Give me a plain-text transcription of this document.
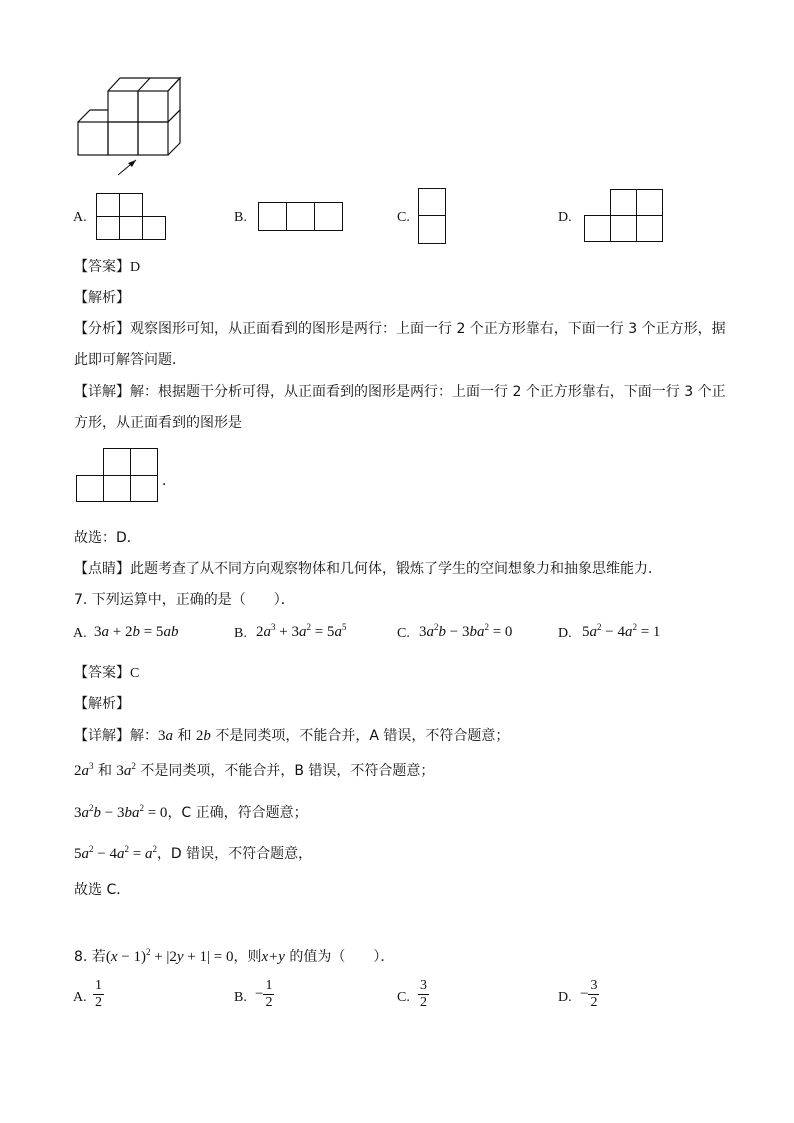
A.	B.	C.	D.
【答案】D
【解析】
【分析】观察图形可知，从正面看到的图形是两行：上面一行 2 个正方形靠右，下面一行 3 个正方形，据
此即可解答问题．
【详解】解：根据题干分析可得，从正面看到的图形是两行：上面一行 2 个正方形靠右，下面一行 3 个正
方形，从正面看到的图形是
．
故选：D．
【点睛】此题考查了从不同方向观察物体和几何体，锻炼了学生的空间想象力和抽象思维能力．
7. 下列运算中，正确的是（　　）．
A. 3a + 2b = 5ab	B. $2a^3 + 3a^2 = 5a^5$	C. $3a^2b - 3ba^2 = 0$	D. $5a^2 - 4a^2 = 1$
【答案】C
【解析】
【详解】解：3a 和 2b 不是同类项，不能合并，A 错误，不符合题意；
$2a^3$ 和 $3a^2$ 不是同类项，不能合并，B 错误，不符合题意；
$3a^2b - 3ba^2 = 0$，C 正确，符合题意；
$5a^2 - 4a^2 = a^2$，D 错误，不符合题意，
故选 C．
8. 若$(x - 1)^2 + |2y + 1| = 0$，则x+y 的值为（　　）．
A. $\frac{1}{2}$	B. − $\frac{1}{2}$	C. $\frac{3}{2}$	D. − $\frac{3}{2}$
